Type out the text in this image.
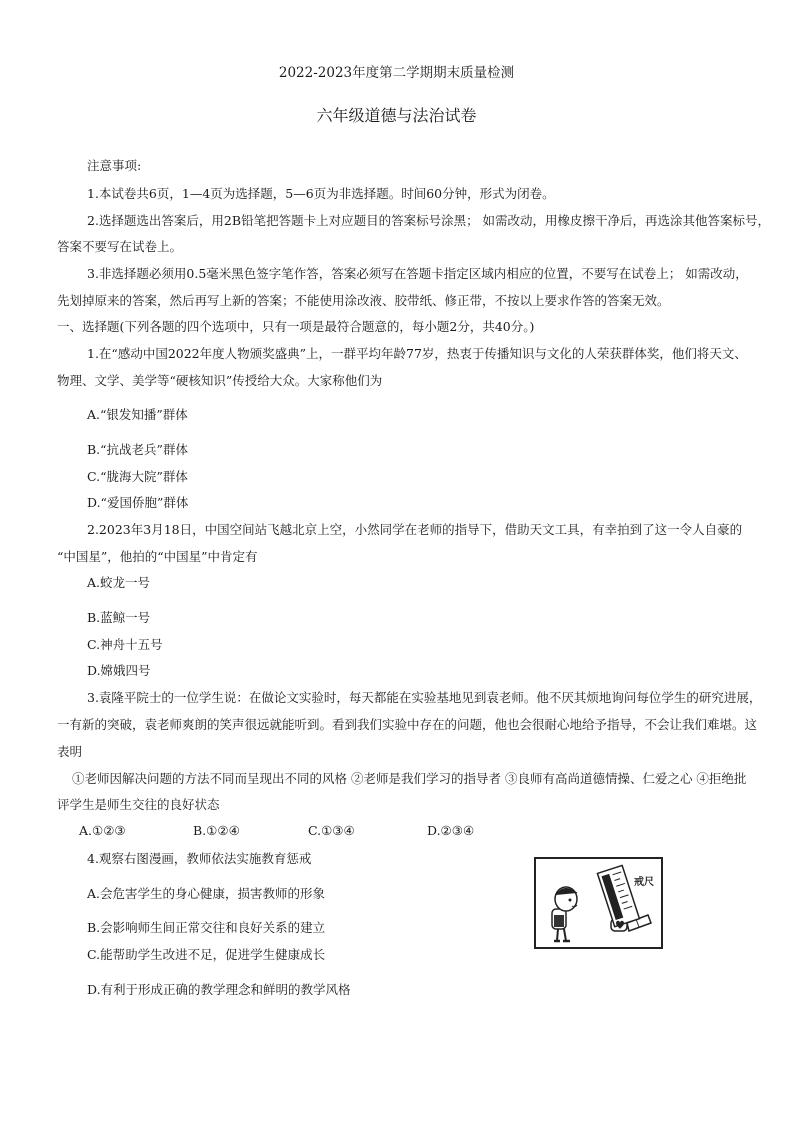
2022-2023年度第二学期期末质量检测
六年级道德与法治试卷
注意事项:
1.本试卷共6页，1—4页为选择题，5—6页为非选择题。时间60分钟，形式为闭卷。
2.选择题选出答案后，用2B铅笔把答题卡上对应题目的答案标号涂黑； 如需改动，用橡皮擦干净后，再选涂其他答案标号，
答案不要写在试卷上。
3.非选择题必须用0.5毫米黑色签字笔作答，答案必须写在答题卡指定区域内相应的位置，不要写在试卷上； 如需改动，
先划掉原来的答案，然后再写上新的答案；不能使用涂改液、胶带纸、修正带，不按以上要求作答的答案无效。
一、选择题(下列各题的四个选项中，只有一项是最符合题意的，每小题2分，共40分。)
1.在“感动中国2022年度人物颁奖盛典”上，一群平均年龄77岁，热衷于传播知识与文化的人荣获群体奖，他们将天文、
物理、文学、美学等“硬核知识”传授给大众。大家称他们为
A.“银发知播”群体
B.“抗战老兵”群体
C.“胧海大院”群体
D.“爱国侨胞”群体
2.2023年3月18日，中国空间站飞越北京上空，小然同学在老师的指导下，借助天文工具，有幸拍到了这一令人自豪的
“中国星”，他拍的“中国星”中肯定有
A.蛟龙一号
B.蓝鲸一号
C.神舟十五号
D.嫦娥四号
3.袁隆平院士的一位学生说：在做论文实验时，每天都能在实验基地见到袁老师。他不厌其烦地询问每位学生的研究进展，
一有新的突破，袁老师爽朗的笑声很远就能听到。看到我们实验中存在的问题，他也会很耐心地给予指导，不会让我们难堪。这
表明
①老师因解决问题的方法不同而呈现出不同的风格 ②老师是我们学习的指导者 ③良师有高尚道德情操、仁爱之心 ④拒绝批
评学生是师生交往的良好状态
A.①②③	B.①②④	C.①③④	D.②③④
4.观察右图漫画，教师依法实施教育惩戒
A.会危害学生的身心健康，损害教师的形象
B.会影响师生间正常交往和良好关系的建立
C.能帮助学生改进不足，促进学生健康成长
D.有利于形成正确的教学理念和鲜明的教学风格
戒尺
